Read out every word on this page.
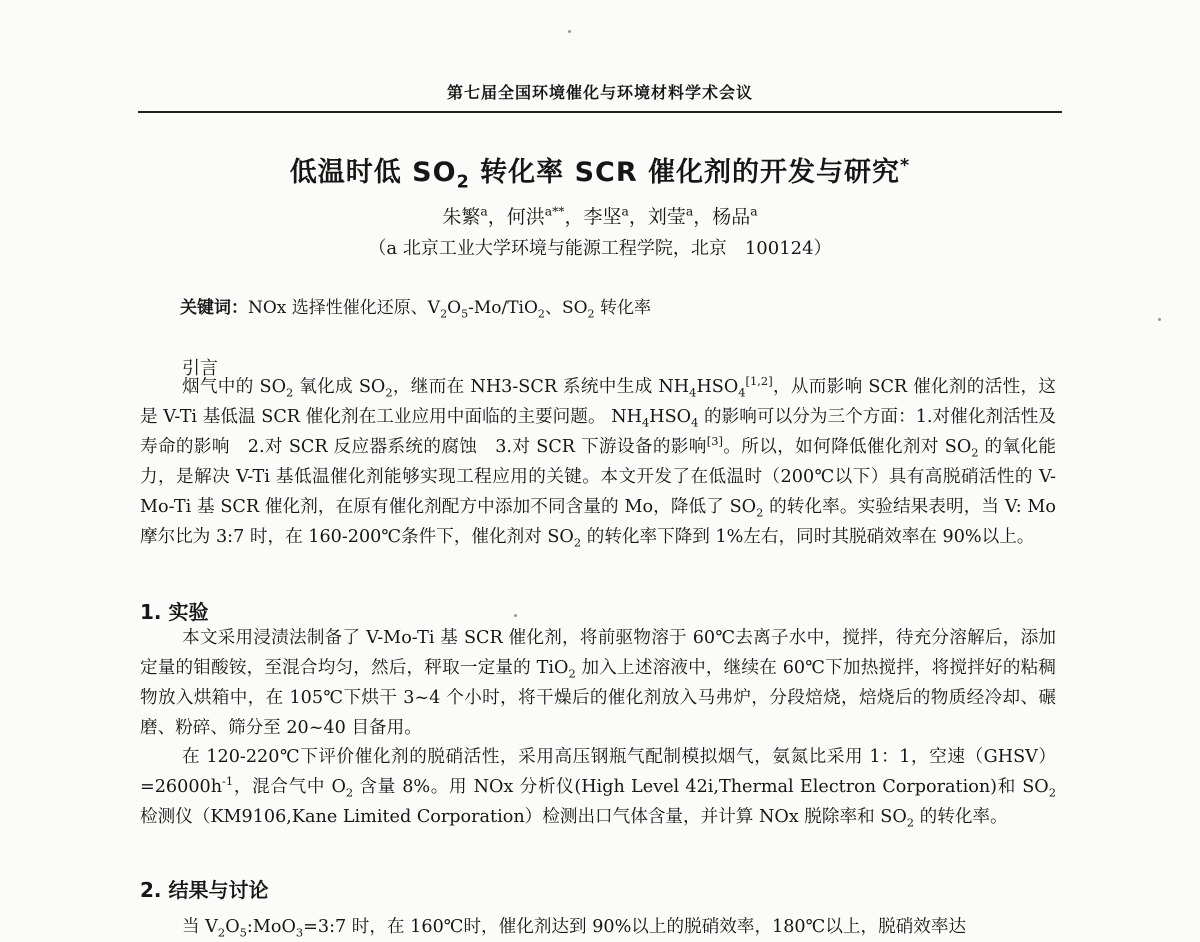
第七届全国环境催化与环境材料学术会议
低温时低 $SO_2$ 转化率 SCR 催化剂的开发与研究*
朱繁$^a$，何洪$^{a**}$，李坚$^a$，刘莹$^a$，杨品$^a$
（a 北京工业大学环境与能源工程学院，北京　100124）
关键词：NOx 选择性催化还原、$V_2O_5-Mo/TiO_2$、$SO_2$ 转化率
引言

烟气中的 $SO_2$ 氧化成 $SO_2$，继而在 NH3-SCR 系统中生成 $NH_4HSO_4[1,2]$，从而影响 SCR 催化剂的活性，这是 V-Ti 基低温 SCR 催化剂在工业应用中面临的主要问题。 $NH_4HSO_4$ 的影响可以分为三个方面：1.对催化剂活性及寿命的影响　2.对 SCR 反应器系统的腐蚀　3.对 SCR 下游设备的影响[3]。所以，如何降低催化剂对 $SO_2$ 的氧化能力，是解决 V-Ti 基低温催化剂能够实现工程应用的关键。本文开发了在低温时（200℃以下）具有高脱硝活性的 V-Mo-Ti 基 SCR 催化剂，在原有催化剂配方中添加不同含量的 Mo，降低了 $SO_2$ 的转化率。实验结果表明，当 V: Mo 摩尔比为 3:7 时，在 160-200℃条件下，催化剂对 $SO_2$ 的转化率下降到 1%左右，同时其脱硝效率在 90%以上。

1. 实验

本文采用浸渍法制备了 V-Mo-Ti 基 SCR 催化剂，将前驱物溶于 60℃去离子水中，搅拌，待充分溶解后，添加定量的钼酸铵，至混合均匀，然后，秤取一定量的 TiO$_2$ 加入上述溶液中，继续在 60℃下加热搅拌，将搅拌好的粘稠物放入烘箱中，在 105℃下烘干 3~4 个小时，将干燥后的催化剂放入马弗炉，分段焙烧，焙烧后的物质经冷却、碾磨、粉碎、筛分至 20~40 目备用。

在 120-220℃下评价催化剂的脱硝活性，采用高压钢瓶气配制模拟烟气，氨氮比采用 1：1，空速$(GHSV)=26000h^{-1}$，混合气中 $O_2$ 含量 8%。用 NOx 分析仪(High Level 42i,Thermal Electron Corporation)和 $SO_2$ 检测仪（KM9106,Kane Limited Corporation）检测出口气体含量，并计算 NOx 脱除率和 $SO_2$ 的转化率。

2. 结果与讨论

当 $V_2O_5:MoO_3=3:7$ 时，在 160℃时，催化剂达到 90%以上的脱硝效率，180℃以上，脱硝效率达
